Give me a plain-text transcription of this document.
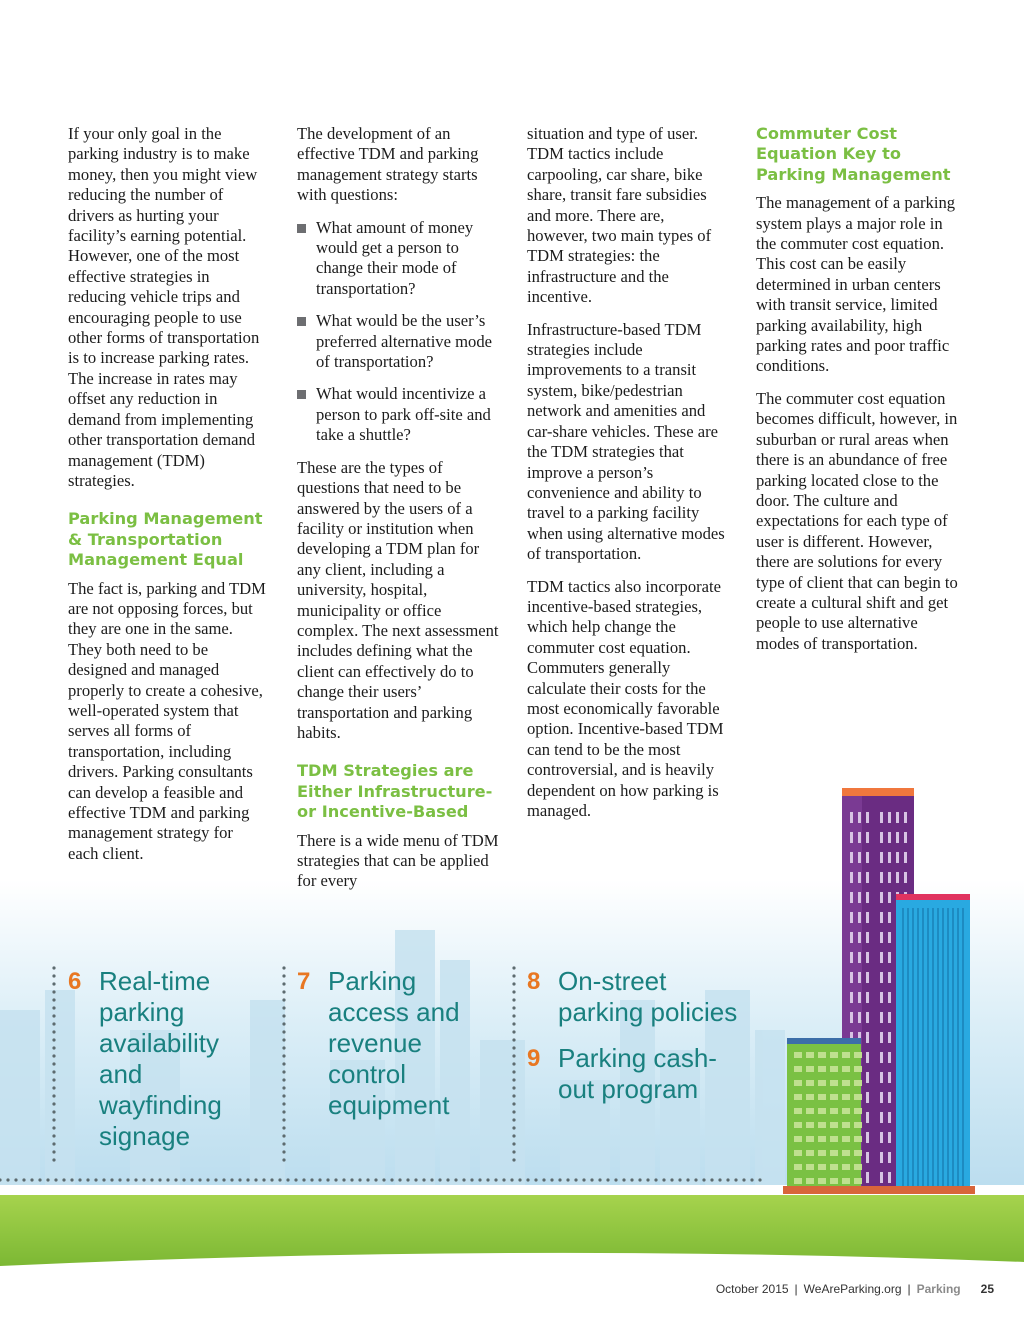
If your only goal in the parking industry is to make money, then you might view reducing the number of drivers as hurting your facility’s earning potential. However, one of the most effective strategies in reducing vehicle trips and encouraging people to use other forms of transportation is to increase parking rates. The increase in rates may offset any reduction in demand from implementing other transportation demand management (TDM) strategies.

Parking Management & Transportation Management Equal

The fact is, parking and TDM are not opposing forces, but they are one in the same. They both need to be designed and managed properly to create a cohesive, well-operated system that serves all forms of transportation, including drivers. Parking consultants can develop a feasible and effective TDM and parking management strategy for each client.

The development of an effective TDM and parking management strategy starts with questions:

What amount of money would get a person to change their mode of transportation?
What would be the user’s preferred alternative mode of transportation?
What would incentivize a person to park off-site and take a shuttle?

These are the types of questions that need to be answered by the users of a facility or institution when developing a TDM plan for any client, including a university, hospital, municipality or office complex. The next assessment includes defining what the client can effectively do to change their users’ transportation and parking habits.

TDM Strategies are Either Infrastructure- or Incentive-Based

There is a wide menu of TDM strategies that can be applied for every

situation and type of user. TDM tactics include carpooling, car share, bike share, transit fare subsidies and more. There are, however, two main types of TDM strategies: the infrastructure and the incentive.

Infrastructure-based TDM strategies include improvements to a transit system, bike/pedestrian network and amenities and car-share vehicles. These are the TDM strategies that improve a person’s convenience and ability to travel to a parking facility when using alternative modes of transportation.

TDM tactics also incorporate incentive-based strategies, which help change the commuter cost equation. Commuters generally calculate their costs for the most economically favorable option. Incentive-based TDM can tend to be the most controversial, and is heavily dependent on how parking is managed.

Commuter Cost Equation Key to Parking Management

The management of a parking system plays a major role in the commuter cost equation. This cost can be easily determined in urban centers with transit service, limited parking availability, high parking rates and poor traffic conditions.

The commuter cost equation becomes difficult, however, in suburban or rural areas when there is an abundance of free parking located close to the door. The culture and expectations for each type of user is different. However, there are solutions for every type of client that can begin to create a cultural shift and get people to use alternative modes of transportation.

6 Real-time parking availability and wayfinding signage
7 Parking access and revenue control equipment
8 On-street parking policies
9 Parking cash-out program
October 2015 | WeAreParking.org | Parking 25
